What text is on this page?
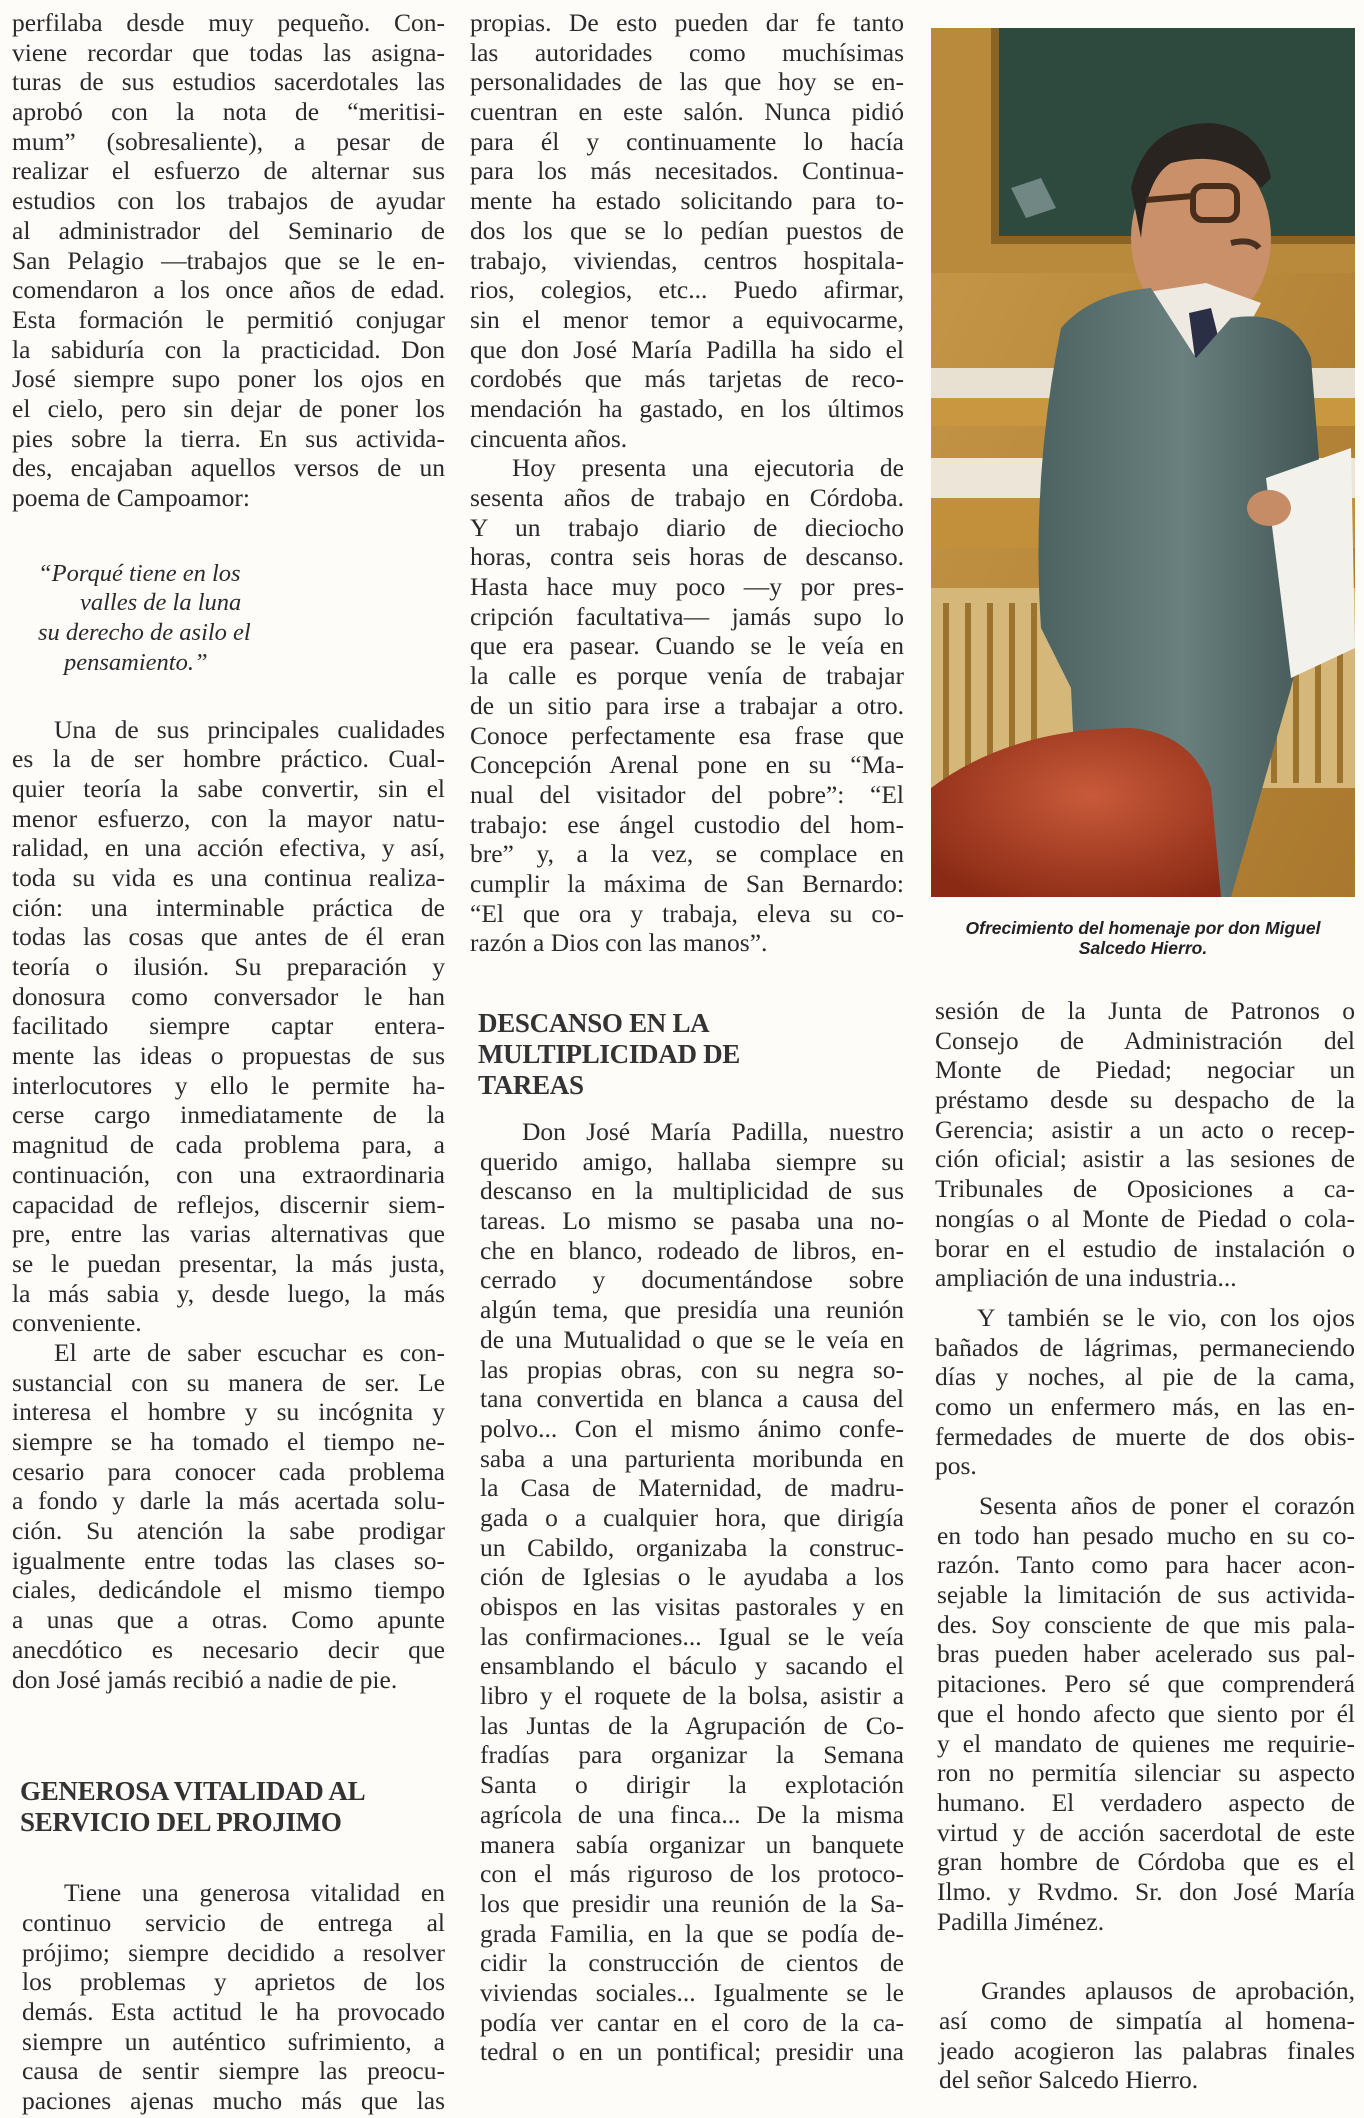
perfilaba desde muy pequeño. Con-
viene recordar que todas las asigna-
turas de sus estudios sacerdotales las
aprobó con la nota de “meritisi-
mum” (sobresaliente), a pesar de
realizar el esfuerzo de alternar sus
estudios con los trabajos de ayudar
al administrador del Seminario de
San Pelagio —trabajos que se le en-
comendaron a los once años de edad.
Esta formación le permitió conjugar
la sabiduría con la practicidad. Don
José siempre supo poner los ojos en
el cielo, pero sin dejar de poner los
pies sobre la tierra. En sus activida-
des, encajaban aquellos versos de un
poema de Campoamor:
“Porqué tiene en los
valles de la luna
su derecho de asilo el
pensamiento.”
Una de sus principales cualidades
es la de ser hombre práctico. Cual-
quier teoría la sabe convertir, sin el
menor esfuerzo, con la mayor natu-
ralidad, en una acción efectiva, y así,
toda su vida es una continua realiza-
ción: una interminable práctica de
todas las cosas que antes de él eran
teoría o ilusión. Su preparación y
donosura como conversador le han
facilitado siempre captar entera-
mente las ideas o propuestas de sus
interlocutores y ello le permite ha-
cerse cargo inmediatamente de la
magnitud de cada problema para, a
continuación, con una extraordinaria
capacidad de reflejos, discernir siem-
pre, entre las varias alternativas que
se le puedan presentar, la más justa,
la más sabia y, desde luego, la más
conveniente.
El arte de saber escuchar es con-
sustancial con su manera de ser. Le
interesa el hombre y su incógnita y
siempre se ha tomado el tiempo ne-
cesario para conocer cada problema
a fondo y darle la más acertada solu-
ción. Su atención la sabe prodigar
igualmente entre todas las clases so-
ciales, dedicándole el mismo tiempo
a unas que a otras. Como apunte
anecdótico es necesario decir que
don José jamás recibió a nadie de pie.
GENEROSA VITALIDAD AL
SERVICIO DEL PROJIMO
Tiene una generosa vitalidad en
continuo servicio de entrega al
prójimo; siempre decidido a resolver
los problemas y aprietos de los
demás. Esta actitud le ha provocado
siempre un auténtico sufrimiento, a
causa de sentir siempre las preocu-
paciones ajenas mucho más que las
propias. De esto pueden dar fe tanto
las autoridades como muchísimas
personalidades de las que hoy se en-
cuentran en este salón. Nunca pidió
para él y continuamente lo hacía
para los más necesitados. Continua-
mente ha estado solicitando para to-
dos los que se lo pedían puestos de
trabajo, viviendas, centros hospitala-
rios, colegios, etc... Puedo afirmar,
sin el menor temor a equivocarme,
que don José María Padilla ha sido el
cordobés que más tarjetas de reco-
mendación ha gastado, en los últimos
cincuenta años.
Hoy presenta una ejecutoria de
sesenta años de trabajo en Córdoba.
Y un trabajo diario de dieciocho
horas, contra seis horas de descanso.
Hasta hace muy poco —y por pres-
cripción facultativa— jamás supo lo
que era pasear. Cuando se le veía en
la calle es porque venía de trabajar
de un sitio para irse a trabajar a otro.
Conoce perfectamente esa frase que
Concepción Arenal pone en su “Ma-
nual del visitador del pobre”: “El
trabajo: ese ángel custodio del hom-
bre” y, a la vez, se complace en
cumplir la máxima de San Bernardo:
“El que ora y trabaja, eleva su co-
razón a Dios con las manos”.
DESCANSO EN LA
MULTIPLICIDAD DE
TAREAS
Don José María Padilla, nuestro
querido amigo, hallaba siempre su
descanso en la multiplicidad de sus
tareas. Lo mismo se pasaba una no-
che en blanco, rodeado de libros, en-
cerrado y documentándose sobre
algún tema, que presidía una reunión
de una Mutualidad o que se le veía en
las propias obras, con su negra so-
tana convertida en blanca a causa del
polvo... Con el mismo ánimo confe-
saba a una parturienta moribunda en
la Casa de Maternidad, de madru-
gada o a cualquier hora, que dirigía
un Cabildo, organizaba la construc-
ción de Iglesias o le ayudaba a los
obispos en las visitas pastorales y en
las confirmaciones... Igual se le veía
ensamblando el báculo y sacando el
libro y el roquete de la bolsa, asistir a
las Juntas de la Agrupación de Co-
fradías para organizar la Semana
Santa o dirigir la explotación
agrícola de una finca... De la misma
manera sabía organizar un banquete
con el más riguroso de los protoco-
los que presidir una reunión de la Sa-
grada Familia, en la que se podía de-
cidir la construcción de cientos de
viviendas sociales... Igualmente se le
podía ver cantar en el coro de la ca-
tedral o en un pontifical; presidir una
Ofrecimiento del homenaje por don Miguel
Salcedo Hierro.
sesión de la Junta de Patronos o
Consejo de Administración del
Monte de Piedad; negociar un
préstamo desde su despacho de la
Gerencia; asistir a un acto o recep-
ción oficial; asistir a las sesiones de
Tribunales de Oposiciones a ca-
nongías o al Monte de Piedad o cola-
borar en el estudio de instalación o
ampliación de una industria...
Y también se le vio, con los ojos
bañados de lágrimas, permaneciendo
días y noches, al pie de la cama,
como un enfermero más, en las en-
fermedades de muerte de dos obis-
pos.
Sesenta años de poner el corazón
en todo han pesado mucho en su co-
razón. Tanto como para hacer acon-
sejable la limitación de sus activida-
des. Soy consciente de que mis pala-
bras pueden haber acelerado sus pal-
pitaciones. Pero sé que comprenderá
que el hondo afecto que siento por él
y el mandato de quienes me requirie-
ron no permitía silenciar su aspecto
humano. El verdadero aspecto de
virtud y de acción sacerdotal de este
gran hombre de Córdoba que es el
Ilmo. y Rvdmo. Sr. don José María
Padilla Jiménez.
Grandes aplausos de aprobación,
así como de simpatía al homena-
jeado acogieron las palabras finales
del señor Salcedo Hierro.
